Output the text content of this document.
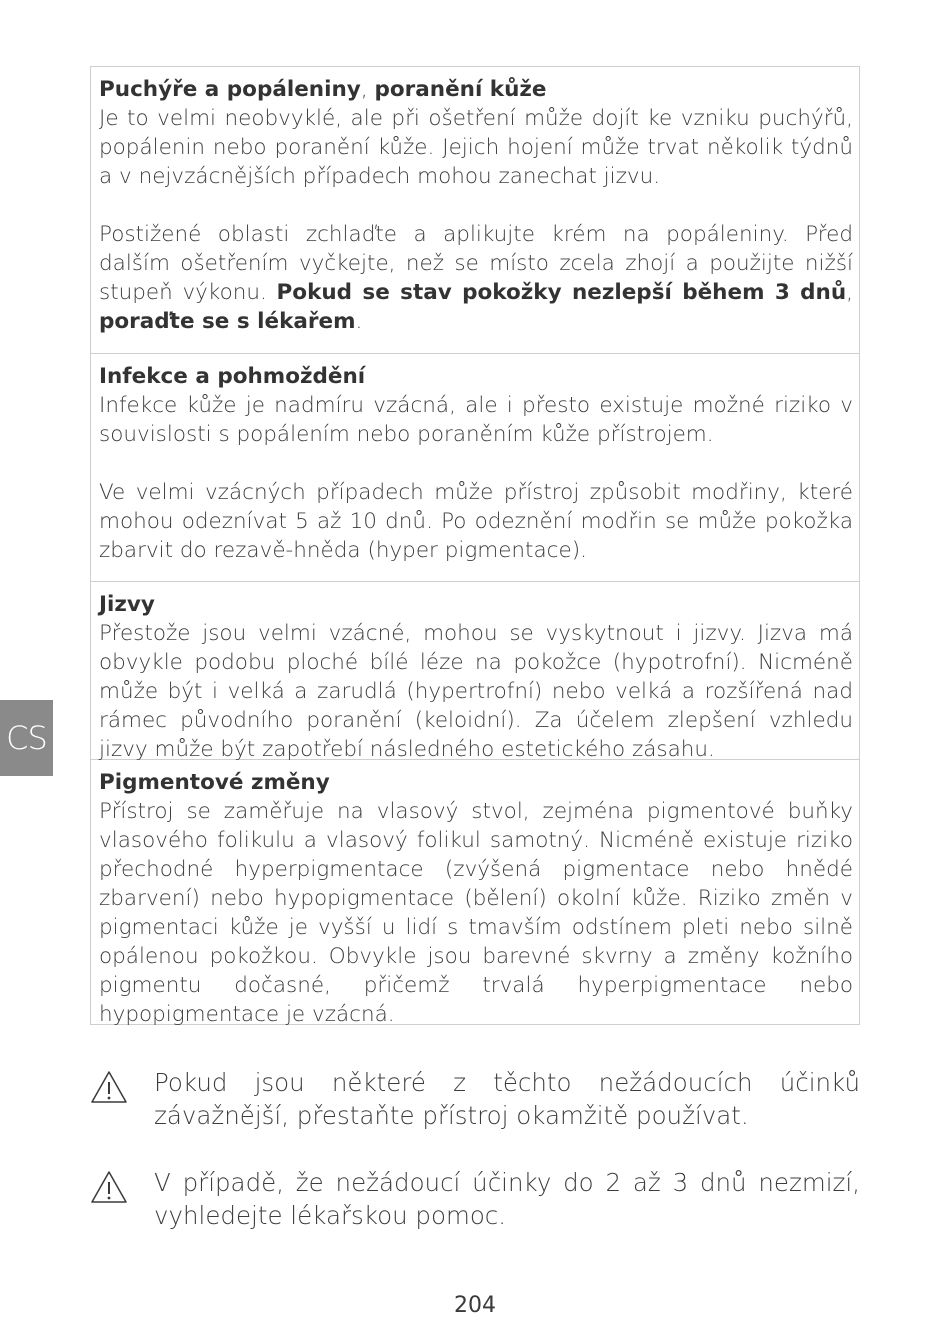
CS
Puchýře a popáleniny, poranění kůže
Je to velmi neobvyklé, ale při ošetření může dojít ke vzniku puchýřů, popálenin nebo poranění kůže. Jejich hojení může trvat několik týdnů a v nejvzácnějších případech mohou zanechat jizvu.
Postižené oblasti zchlaďte a aplikujte krém na popáleniny. Před dalším ošetřením vyčkejte, než se místo zcela zhojí a použijte nižší stupeň výkonu. Pokud se stav pokožky nezlepší během 3 dnů, poraďte se s lékařem.
Infekce a pohmoždění
Infekce kůže je nadmíru vzácná, ale i přesto existuje možné riziko v souvislosti s popálením nebo poraněním kůže přístrojem.
Ve velmi vzácných případech může přístroj způsobit modřiny, které mohou odeznívat 5 až 10 dnů. Po odeznění modřin se může pokožka zbarvit do rezavě-hněda (hyper pigmentace).
Jizvy
Přestože jsou velmi vzácné, mohou se vyskytnout i jizvy. Jizva má obvykle podobu ploché bílé léze na pokožce (hypotrofní). Nicméně může být i velká a zarudlá (hypertrofní) nebo velká a rozšířená nad rámec původního poranění (keloidní). Za účelem zlepšení vzhledu jizvy může být zapotřebí následného estetického zásahu.
Pigmentové změny
Přístroj se zaměřuje na vlasový stvol, zejména pigmentové buňky vlasového folikulu a vlasový folikul samotný. Nicméně existuje riziko přechodné hyperpigmentace (zvýšená pigmentace nebo hnědé zbarvení) nebo hypopigmentace (bělení) okolní kůže. Riziko změn v pigmentaci kůže je vyšší u lidí s tmavším odstínem pleti nebo silně opálenou pokožkou. Obvykle jsou barevné skvrny a změny kožního pigmentu dočasné, přičemž trvalá hyperpigmentace nebo hypopigmentace je vzácná.
Pokud jsou některé z těchto nežádoucích účinků závažnější, přestaňte přístroj okamžitě používat.
V případě, že nežádoucí účinky do 2 až 3 dnů nezmizí, vyhledejte lékařskou pomoc.
204
